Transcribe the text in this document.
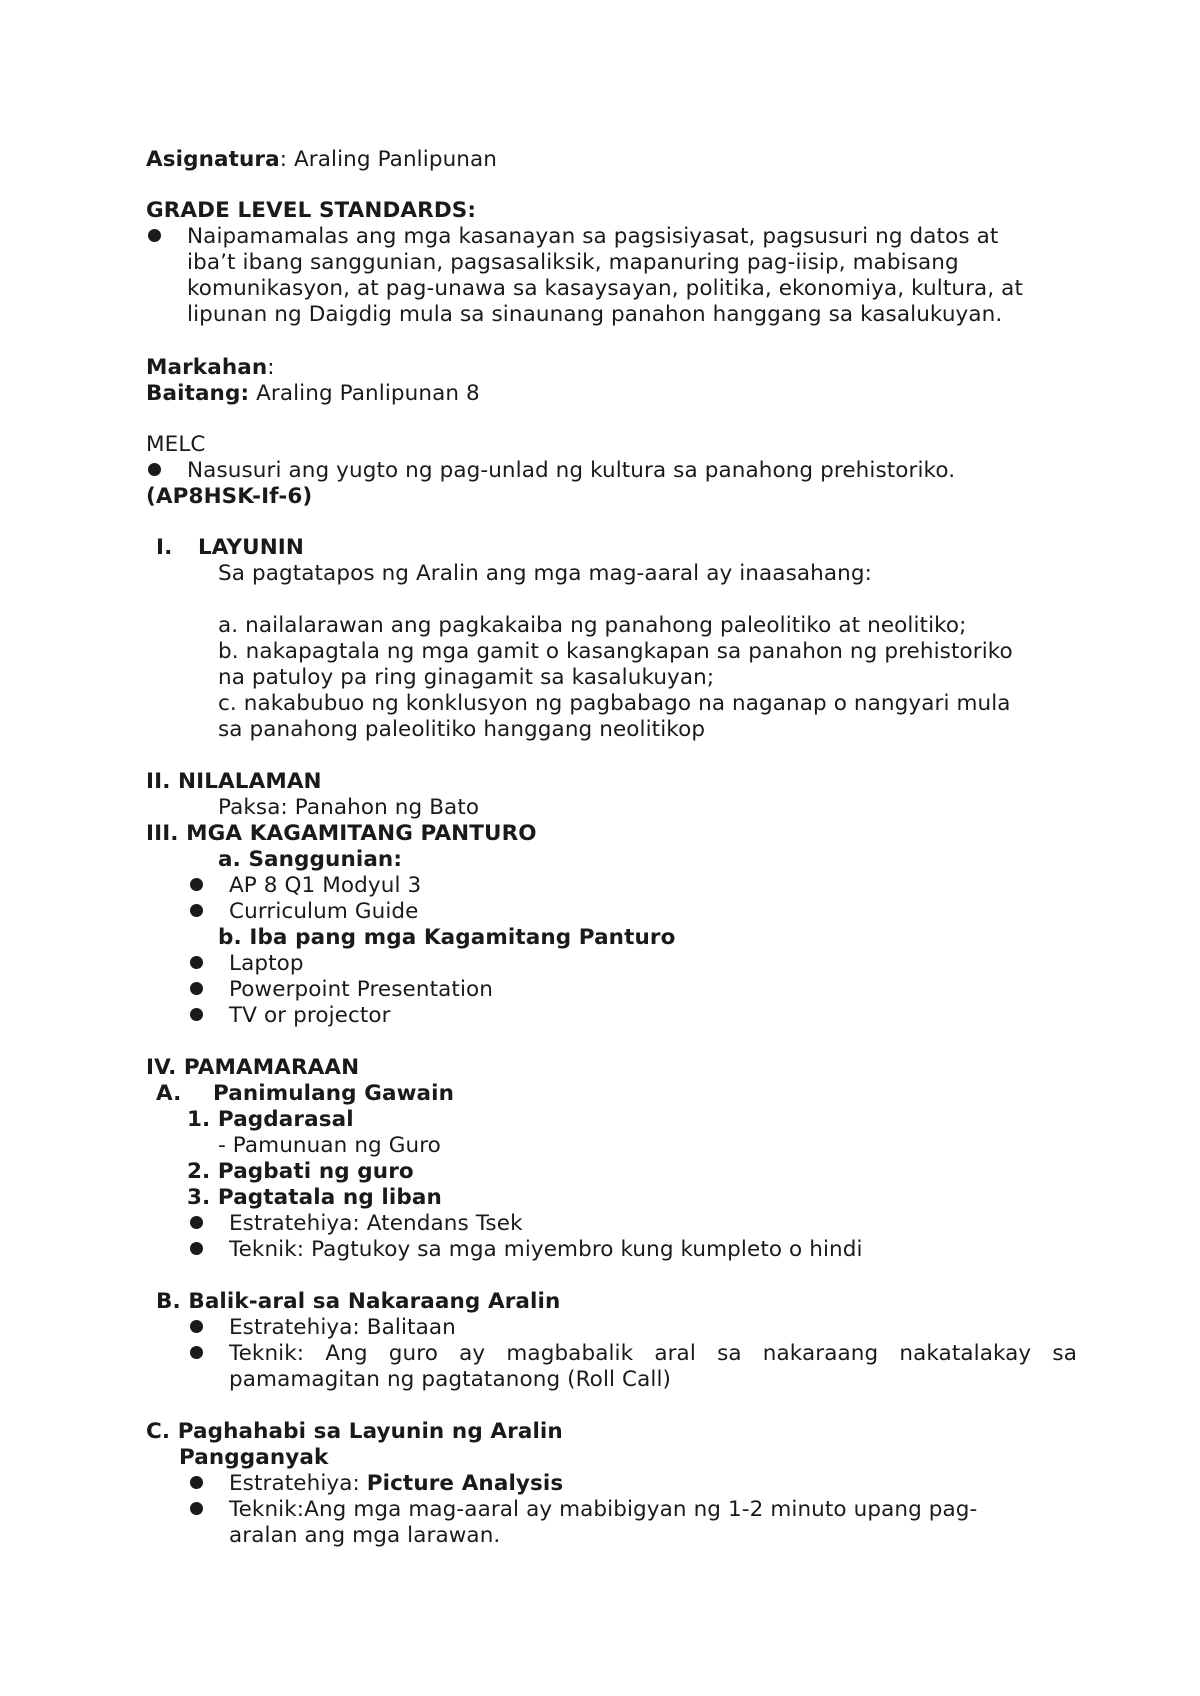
Asignatura: Araling Panlipunan
GRADE LEVEL STANDARDS:
Naipamamalas ang mga kasanayan sa pagsisiyasat, pagsusuri ng datos at
iba’t ibang sanggunian, pagsasaliksik, mapanuring pag-iisip, mabisang
komunikasyon, at pag-unawa sa kasaysayan, politika, ekonomiya, kultura, at
lipunan ng Daigdig mula sa sinaunang panahon hanggang sa kasalukuyan.
Markahan:
Baitang: Araling Panlipunan 8
MELC
Nasusuri ang yugto ng pag-unlad ng kultura sa panahong prehistoriko.
(AP8HSK-If-6)
I. LAYUNIN
Sa pagtatapos ng Aralin ang mga mag-aaral ay inaasahang:
a. nailalarawan ang pagkakaiba ng panahong paleolitiko at neolitiko;
b. nakapagtala ng mga gamit o kasangkapan sa panahon ng prehistoriko
na patuloy pa ring ginagamit sa kasalukuyan;
c. nakabubuo ng konklusyon ng pagbabago na naganap o nangyari mula
sa panahong paleolitiko hanggang neolitikop
II. NILALAMAN
Paksa: Panahon ng Bato
III. MGA KAGAMITANG PANTURO
a. Sanggunian:
AP 8 Q1 Modyul 3
Curriculum Guide
b. Iba pang mga Kagamitang Panturo
Laptop
Powerpoint Presentation
TV or projector
IV. PAMAMARAAN
A. Panimulang Gawain
1. Pagdarasal
- Pamunuan ng Guro
2. Pagbati ng guro
3. Pagtatala ng liban
Estratehiya: Atendans Tsek
Teknik: Pagtukoy sa mga miyembro kung kumpleto o hindi
B. Balik-aral sa Nakaraang Aralin
Estratehiya: Balitaan
Teknik: Ang guro ay magbabalik aral sa nakaraang nakatalakay sa
pamamagitan ng pagtatanong (Roll Call)
C. Paghahabi sa Layunin ng Aralin
Pangganyak
Estratehiya: Picture Analysis
Teknik:Ang mga mag-aaral ay mabibigyan ng 1-2 minuto upang pag-
aralan ang mga larawan.
